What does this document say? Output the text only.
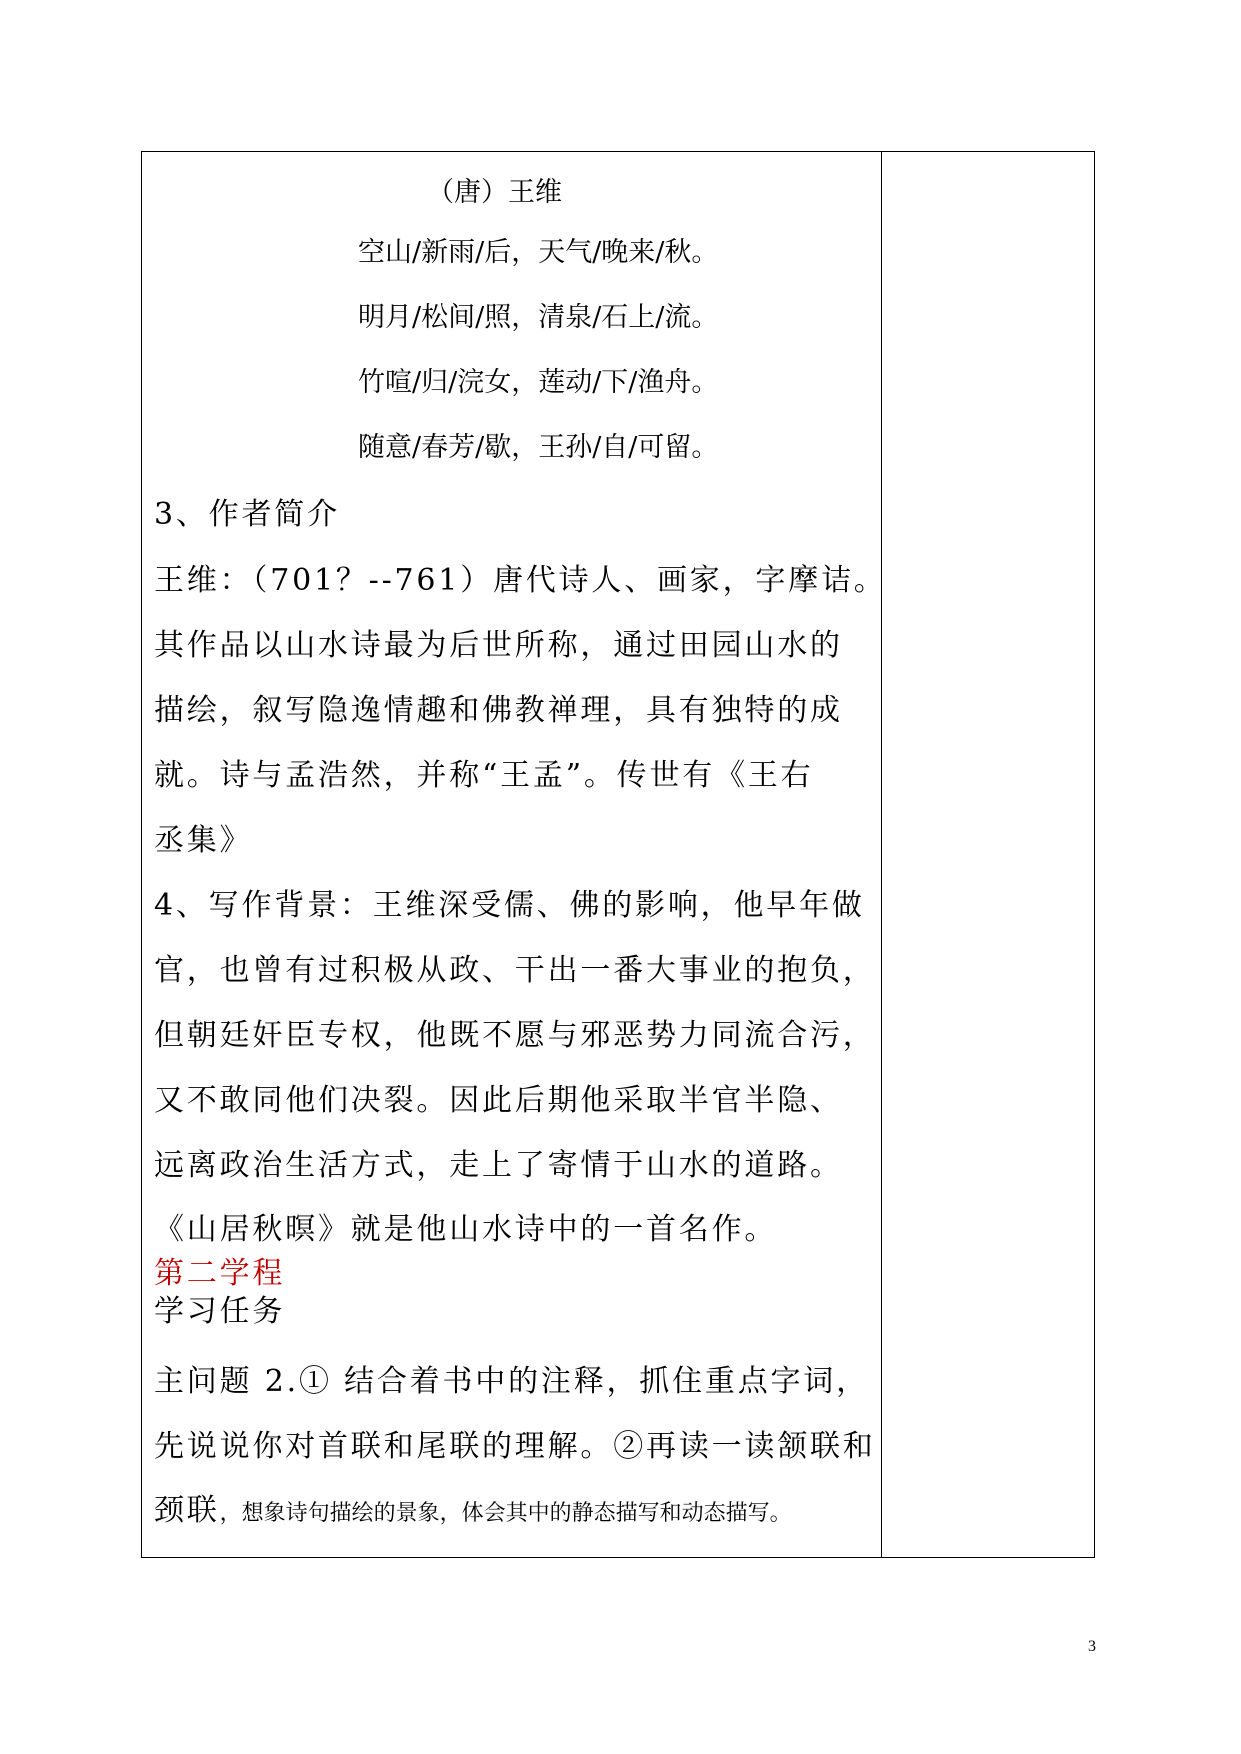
（唐）王维
空山/新雨/后，天气/晚来/秋。
明月/松间/照，清泉/石上/流。
竹喧/归/浣女，莲动/下/渔舟。
随意/春芳/歇，王孙/自/可留。
3、作者简介
王维：（701？--761）唐代诗人、画家，字摩诘。
其作品以山水诗最为后世所称，通过田园山水的
描绘，叙写隐逸情趣和佛教禅理，具有独特的成
就。诗与孟浩然，并称“王孟”。传世有《王右
丞集》
4、写作背景：王维深受儒、佛的影响，他早年做
官，也曾有过积极从政、干出一番大事业的抱负，
但朝廷奸臣专权，他既不愿与邪恶势力同流合污，
又不敢同他们决裂。因此后期他采取半官半隐、
远离政治生活方式，走上了寄情于山水的道路。
《山居秋暝》就是他山水诗中的一首名作。
第二学程
学习任务
主问题 2.① 结合着书中的注释，抓住重点字词，
先说说你对首联和尾联的理解。②再读一读颔联和
颈联，想象诗句描绘的景象，体会其中的静态描写和动态描写。
3
